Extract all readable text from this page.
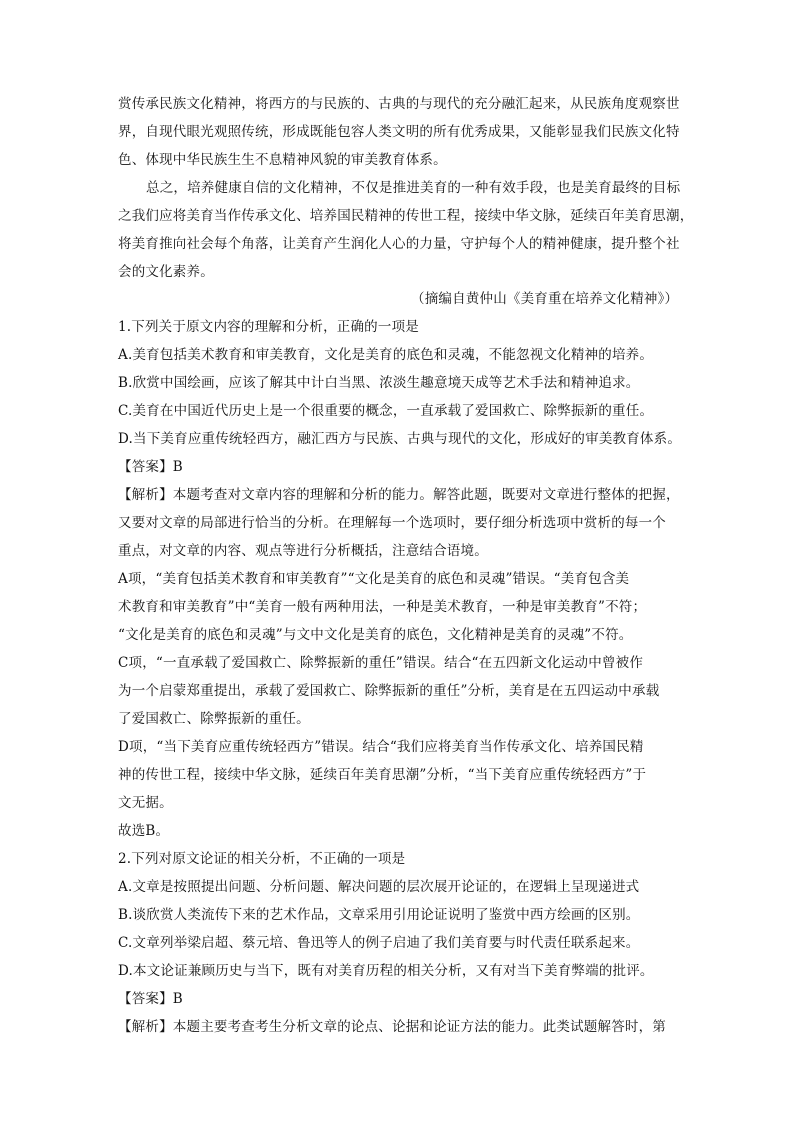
赏传承民族文化精神，将西方的与民族的、古典的与现代的充分融汇起来，从民族角度观察世
界，自现代眼光观照传统，形成既能包容人类文明的所有优秀成果，又能彰显我们民族文化特
色、体现中华民族生生不息精神风貌的审美教育体系。
总之，培养健康自信的文化精神，不仅是推进美育的一种有效手段，也是美育最终的目标
之我们应将美育当作传承文化、培养国民精神的传世工程，接续中华文脉，延续百年美育思潮，
将美育推向社会每个角落，让美育产生润化人心的力量，守护每个人的精神健康，提升整个社
会的文化素养。
（摘编自黄仲山《美育重在培养文化精神》）
1.下列关于原文内容的理解和分析，正确的一项是
A.美育包括美术教育和审美教育，文化是美育的底色和灵魂，不能忽视文化精神的培养。
B.欣赏中国绘画，应该了解其中计白当黑、浓淡生趣意境天成等艺术手法和精神追求。
C.美育在中国近代历史上是一个很重要的概念，一直承载了爱国救亡、除弊振新的重任。
D.当下美育应重传统轻西方，融汇西方与民族、古典与现代的文化，形成好的审美教育体系。
【答案】B
【解析】本题考查对文章内容的理解和分析的能力。解答此题，既要对文章进行整体的把握，
又要对文章的局部进行恰当的分析。在理解每一个选项时，要仔细分析选项中赏析的每一个
重点，对文章的内容、观点等进行分析概括，注意结合语境。
A项，“美育包括美术教育和审美教育”“文化是美育的底色和灵魂”错误。“美育包含美
术教育和审美教育”中“美育一般有两种用法，一种是美术教育，一种是审美教育”不符；
“文化是美育的底色和灵魂”与文中文化是美育的底色，文化精神是美育的灵魂”不符。
C项，“一直承载了爱国救亡、除弊振新的重任”错误。结合“在五四新文化运动中曾被作
为一个启蒙郑重提出，承载了爱国救亡、除弊振新的重任”分析，美育是在五四运动中承载
了爱国救亡、除弊振新的重任。
D项，“当下美育应重传统轻西方”错误。结合“我们应将美育当作传承文化、培养国民精
神的传世工程，接续中华文脉，延续百年美育思潮”分析，“当下美育应重传统轻西方”于
文无据。
故选B。
2.下列对原文论证的相关分析，不正确的一项是
A.文章是按照提出问题、分析问题、解决问题的层次展开论证的，在逻辑上呈现递进式
B.谈欣赏人类流传下来的艺术作品，文章采用引用论证说明了鉴赏中西方绘画的区别。
C.文章列举梁启超、蔡元培、鲁迅等人的例子启迪了我们美育要与时代责任联系起来。
D.本文论证兼顾历史与当下，既有对美育历程的相关分析，又有对当下美育弊端的批评。
【答案】B
【解析】本题主要考查考生分析文章的论点、论据和论证方法的能力。此类试题解答时，第
